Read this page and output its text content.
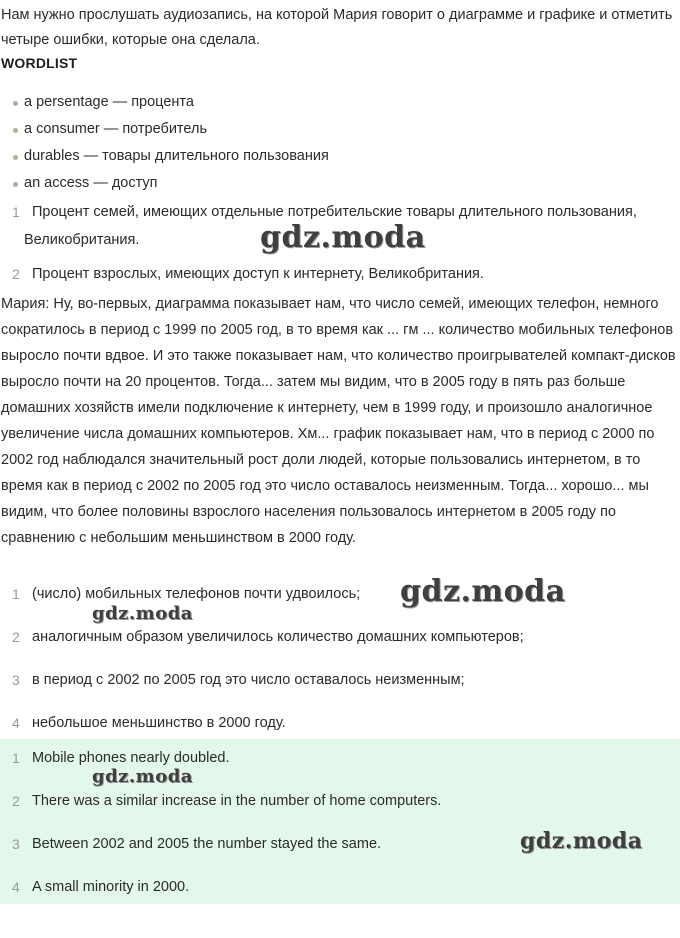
Нам нужно прослушать аудиозапись, на которой Мария говорит о диаграмме и графике и отметить четыре ошибки, которые она сделала.

WORDLIST

a persentage — процента
a consumer — потребитель
durables — товары длительного пользования
an access — доступ
1 Процент семей, имеющих отдельные потребительские товары длительного пользования, Великобритания.
2 Процент взрослых, имеющих доступ к интернету, Великобритания.

Мария: Ну, во-первых, диаграмма показывает нам, что число семей, имеющих телефон, немного сократилось в период с 1999 по 2005 год, в то время как ... гм ... количество мобильных телефонов выросло почти вдвое. И это также показывает нам, что количество проигрывателей компакт-дисков выросло почти на 20 процентов. Тогда... затем мы видим, что в 2005 году в пять раз больше домашних хозяйств имели подключение к интернету, чем в 1999 году, и произошло аналогичное увеличение числа домашних компьютеров. Хм... график показывает нам, что в период с 2000 по 2002 год наблюдался значительный рост доли людей, которые пользовались интернетом, в то время как в период с 2002 по 2005 год это число оставалось неизменным. Тогда... хорошо... мы видим, что более половины взрослого населения пользовалось интернетом в 2005 году по сравнению с небольшим меньшинством в 2000 году.

1 (число) мобильных телефонов почти удвоилось;
2 аналогичным образом увеличилось количество домашних компьютеров;
3 в период с 2002 по 2005 год это число оставалось неизменным;
4 небольшое меньшинство в 2000 году.
1 Mobile phones nearly doubled.
2 There was a similar increase in the number of home computers.
3 Between 2002 and 2005 the number stayed the same.
4 A small minority in 2000.
gdz.moda
gdz.moda
gdz.moda
gdz.moda
gdz.moda
